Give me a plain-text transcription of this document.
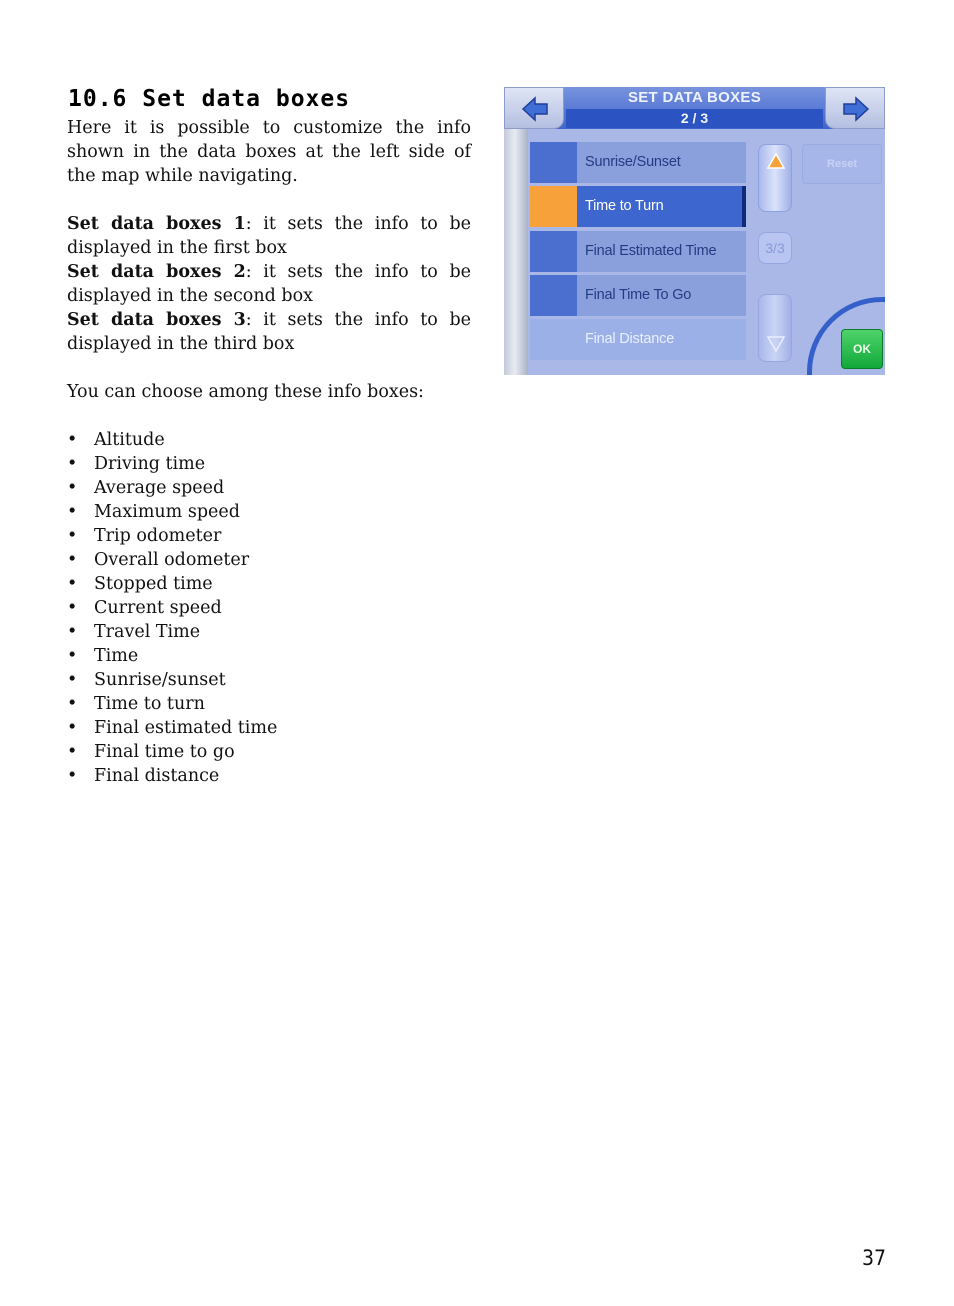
10.6 Set data boxes

Here it is possible to customize the info shown in the data boxes at the left side of the map while navigating.

Set data boxes 1: it sets the info to be displayed in the first box

Set data boxes 2: it sets the info to be displayed in the second box

Set data boxes 3: it sets the info to be displayed in the third box

You can choose among these info boxes:

• Altitude
• Driving time
• Average speed
• Maximum speed
• Trip odometer
• Overall odometer
• Stopped time
• Current speed
• Travel Time
• Time
• Sunrise/sunset
• Time to turn
• Final estimated time
• Final time to go
• Final distance
SET DATA BOXES
2 / 3
Sunrise/Sunset
Time to Turn
Final Estimated Time
Final Time To Go
Final Distance
3/3
Reset
OK
37
